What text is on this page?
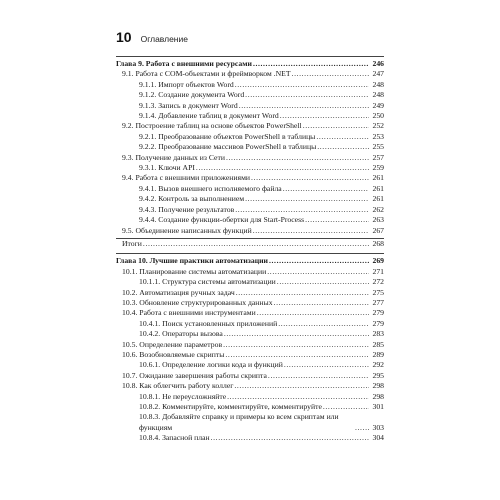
10 Оглавление
Глава 9. Работа с внешними ресурсами .....	246
9.1. Работа с COM-объектами и фреймворком .NET .....	247
9.1.1. Импорт объектов Word .....	248
9.1.2. Создание документа Word .....	248
9.1.3. Запись в документ Word .....	249
9.1.4. Добавление таблиц в документ Word .....	250
9.2. Построение таблиц на основе объектов PowerShell .....	252
9.2.1. Преобразование объектов PowerShell в таблицы .....	253
9.2.2. Преобразование массивов PowerShell в таблицы .....	255
9.3. Получение данных из Сети .....	257
9.3.1. Ключи API .....	259
9.4. Работа с внешними приложениями .....	261
9.4.1. Вызов внешнего исполняемого файла .....	261
9.4.2. Контроль за выполнением .....	261
9.4.3. Получение результатов .....	262
9.4.4. Создание функции-обертки для Start-Process .....	263
9.5. Объединение написанных функций .....	267
Итоги .....	268
Глава 10. Лучшие практики автоматизации .....	269
10.1. Планирование системы автоматизации .....	271
10.1.1. Структура системы автоматизации .....	272
10.2. Автоматизация ручных задач .....	275
10.3. Обновление структурированных данных .....	277
10.4. Работа с внешними инструментами .....	279
10.4.1. Поиск установленных приложений .....	279
10.4.2. Операторы вызова .....	283
10.5. Определение параметров .....	285
10.6. Возобновляемые скрипты .....	289
10.6.1. Определение логики кода и функций .....	292
10.7. Ожидание завершения работы скрипта .....	295
10.8. Как облегчить работу коллег .....	298
10.8.1. Не переусложняйте .....	298
10.8.2. Комментируйте, комментируйте, комментируйте .....	301
10.8.3. Добавляйте справку и примеры ко всем скриптам или функциям .....	303
10.8.4. Запасной план .....	304
